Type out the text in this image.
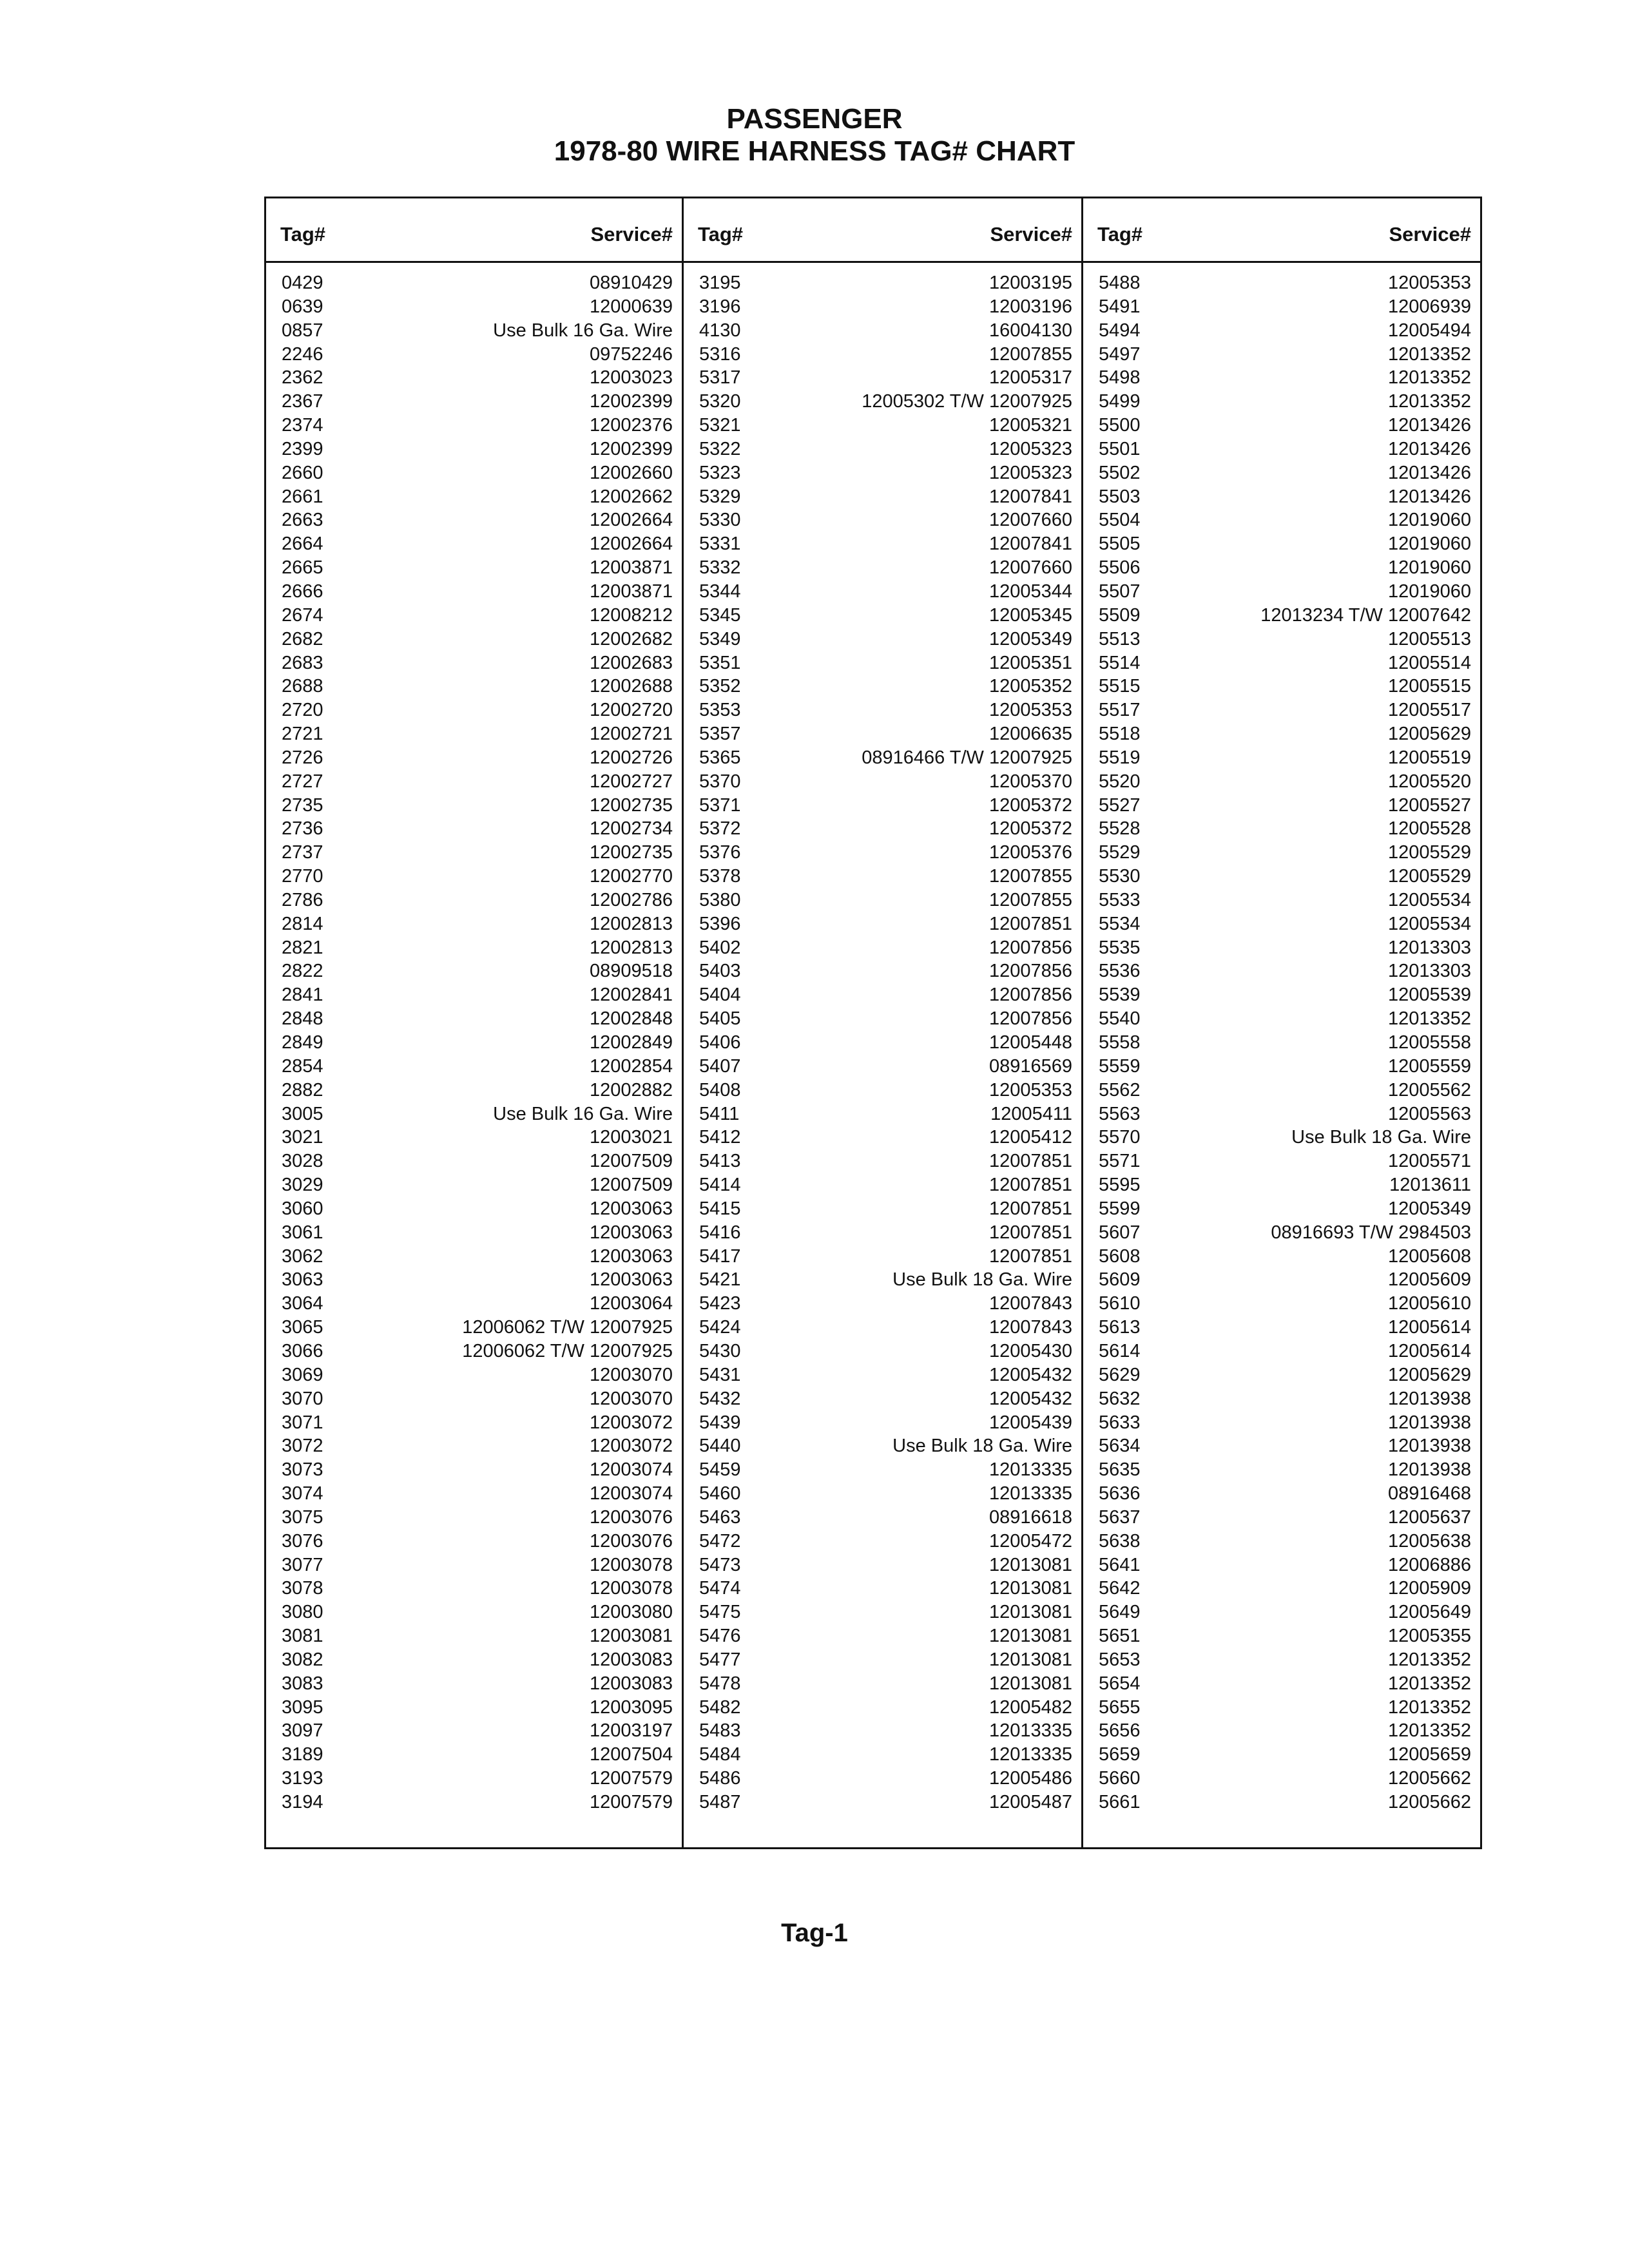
PASSENGER
1978-80 WIRE HARNESS TAG# CHART
Tag#	Service#
0429	08910429
0639	12000639
0857	Use Bulk 16 Ga. Wire
2246	09752246
2362	12003023
2367	12002399
2374	12002376
2399	12002399
2660	12002660
2661	12002662
2663	12002664
2664	12002664
2665	12003871
2666	12003871
2674	12008212
2682	12002682
2683	12002683
2688	12002688
2720	12002720
2721	12002721
2726	12002726
2727	12002727
2735	12002735
2736	12002734
2737	12002735
2770	12002770
2786	12002786
2814	12002813
2821	12002813
2822	08909518
2841	12002841
2848	12002848
2849	12002849
2854	12002854
2882	12002882
3005	Use Bulk 16 Ga. Wire
3021	12003021
3028	12007509
3029	12007509
3060	12003063
3061	12003063
3062	12003063
3063	12003063
3064	12003064
3065	12006062 T/W 12007925
3066	12006062 T/W 12007925
3069	12003070
3070	12003070
3071	12003072
3072	12003072
3073	12003074
3074	12003074
3075	12003076
3076	12003076
3077	12003078
3078	12003078
3080	12003080
3081	12003081
3082	12003083
3083	12003083
3095	12003095
3097	12003197
3189	12007504
3193	12007579
3194	12007579
Tag#	Service#
3195	12003195
3196	12003196
4130	16004130
5316	12007855
5317	12005317
5320	12005302 T/W 12007925
5321	12005321
5322	12005323
5323	12005323
5329	12007841
5330	12007660
5331	12007841
5332	12007660
5344	12005344
5345	12005345
5349	12005349
5351	12005351
5352	12005352
5353	12005353
5357	12006635
5365	08916466 T/W 12007925
5370	12005370
5371	12005372
5372	12005372
5376	12005376
5378	12007855
5380	12007855
5396	12007851
5402	12007856
5403	12007856
5404	12007856
5405	12007856
5406	12005448
5407	08916569
5408	12005353
5411	12005411
5412	12005412
5413	12007851
5414	12007851
5415	12007851
5416	12007851
5417	12007851
5421	Use Bulk 18 Ga. Wire
5423	12007843
5424	12007843
5430	12005430
5431	12005432
5432	12005432
5439	12005439
5440	Use Bulk 18 Ga. Wire
5459	12013335
5460	12013335
5463	08916618
5472	12005472
5473	12013081
5474	12013081
5475	12013081
5476	12013081
5477	12013081
5478	12013081
5482	12005482
5483	12013335
5484	12013335
5486	12005486
5487	12005487
Tag#	Service#
5488	12005353
5491	12006939
5494	12005494
5497	12013352
5498	12013352
5499	12013352
5500	12013426
5501	12013426
5502	12013426
5503	12013426
5504	12019060
5505	12019060
5506	12019060
5507	12019060
5509	12013234 T/W 12007642
5513	12005513
5514	12005514
5515	12005515
5517	12005517
5518	12005629
5519	12005519
5520	12005520
5527	12005527
5528	12005528
5529	12005529
5530	12005529
5533	12005534
5534	12005534
5535	12013303
5536	12013303
5539	12005539
5540	12013352
5558	12005558
5559	12005559
5562	12005562
5563	12005563
5570	Use Bulk 18 Ga. Wire
5571	12005571
5595	12013611
5599	12005349
5607	08916693 T/W 2984503
5608	12005608
5609	12005609
5610	12005610
5613	12005614
5614	12005614
5629	12005629
5632	12013938
5633	12013938
5634	12013938
5635	12013938
5636	08916468
5637	12005637
5638	12005638
5641	12006886
5642	12005909
5649	12005649
5651	12005355
5653	12013352
5654	12013352
5655	12013352
5656	12013352
5659	12005659
5660	12005662
5661	12005662
Tag-1
